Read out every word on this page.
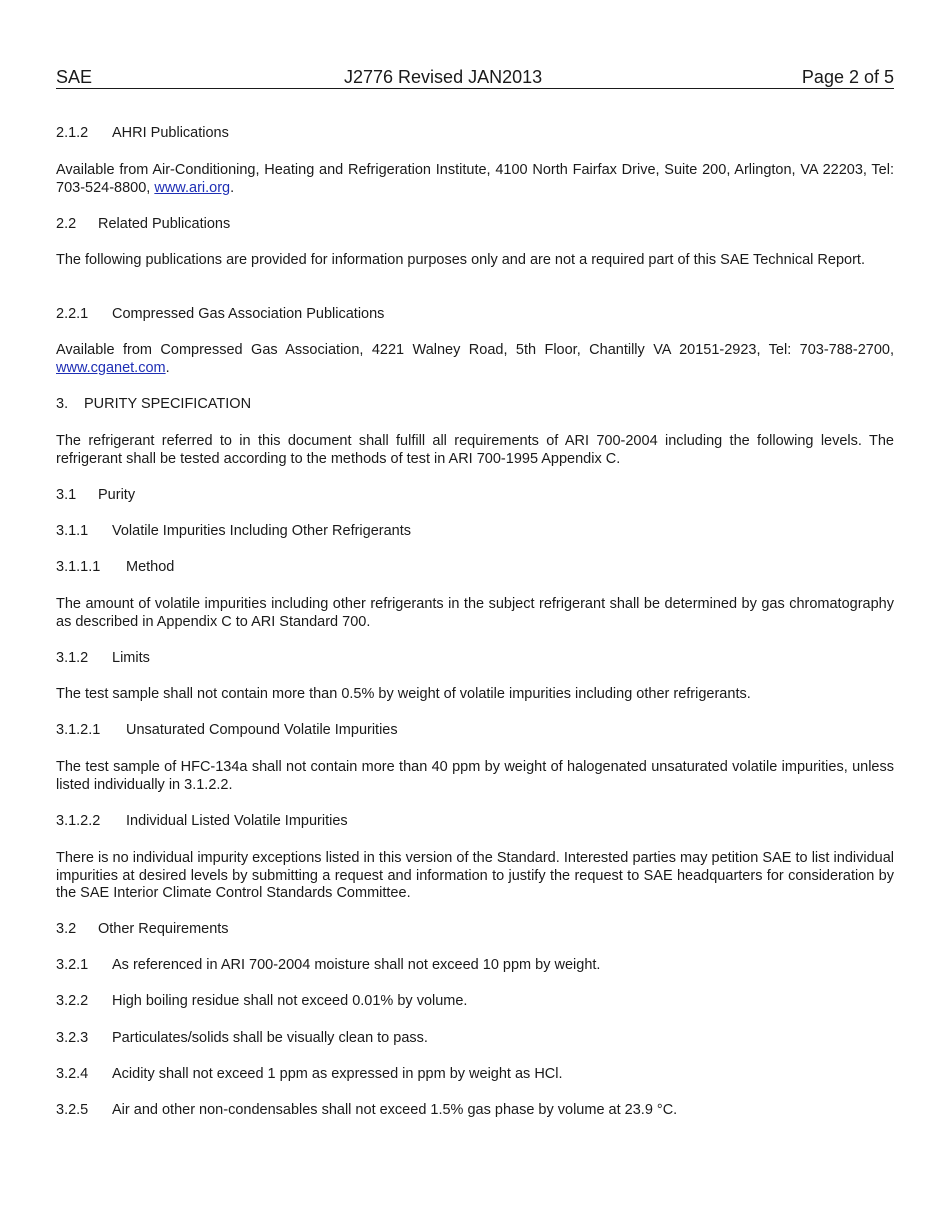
SAE	J2776 Revised JAN2013	Page 2 of 5
2.1.2 AHRI Publications
Available from Air-Conditioning, Heating and Refrigeration Institute, 4100 North Fairfax Drive, Suite 200, Arlington, VA 22203, Tel: 703-524-8800, www.ari.org.
2.2 Related Publications
The following publications are provided for information purposes only and are not a required part of this SAE Technical Report.
2.2.1 Compressed Gas Association Publications
Available from Compressed Gas Association, 4221 Walney Road, 5th Floor, Chantilly VA 20151-2923, Tel: 703-788-2700, www.cganet.com.
3. PURITY SPECIFICATION
The refrigerant referred to in this document shall fulfill all requirements of ARI 700-2004 including the following levels. The refrigerant shall be tested according to the methods of test in ARI 700-1995 Appendix C.
3.1 Purity
3.1.1 Volatile Impurities Including Other Refrigerants
3.1.1.1 Method
The amount of volatile impurities including other refrigerants in the subject refrigerant shall be determined by gas chromatography as described in Appendix C to ARI Standard 700.
3.1.2 Limits
The test sample shall not contain more than 0.5% by weight of volatile impurities including other refrigerants.
3.1.2.1 Unsaturated Compound Volatile Impurities
The test sample of HFC-134a shall not contain more than 40 ppm by weight of halogenated unsaturated volatile impurities, unless listed individually in 3.1.2.2.
3.1.2.2 Individual Listed Volatile Impurities
There is no individual impurity exceptions listed in this version of the Standard. Interested parties may petition SAE to list individual impurities at desired levels by submitting a request and information to justify the request to SAE headquarters for consideration by the SAE Interior Climate Control Standards Committee.
3.2 Other Requirements
3.2.1 As referenced in ARI 700-2004 moisture shall not exceed 10 ppm by weight.
3.2.2 High boiling residue shall not exceed 0.01% by volume.
3.2.3 Particulates/solids shall be visually clean to pass.
3.2.4 Acidity shall not exceed 1 ppm as expressed in ppm by weight as HCl.
3.2.5 Air and other non-condensables shall not exceed 1.5% gas phase by volume at 23.9 °C.
